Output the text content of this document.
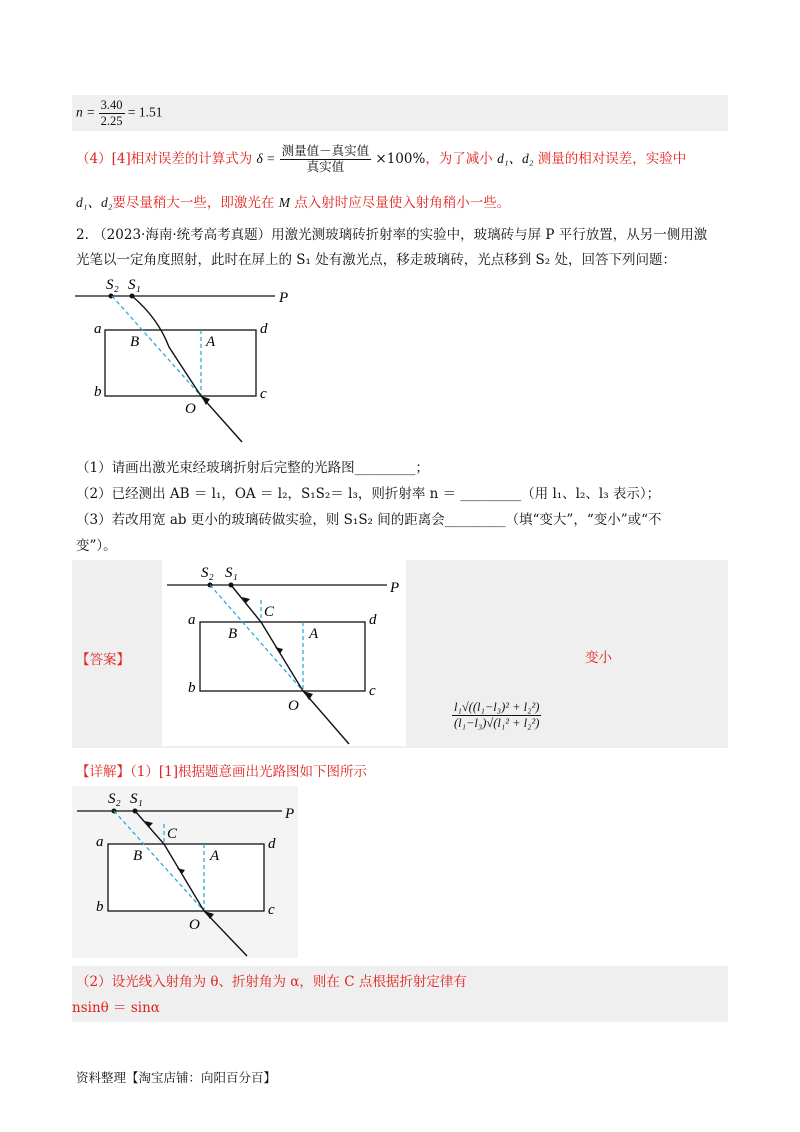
$n = \frac{3.40}{2.25} = 1.51$
（4）[4]相对误差的计算式为 $\delta = \frac{\text{测量值－真实值}}{\text{真实值}} \times 100\%$，为了减小 d₁、d₂ 测量的相对误差，实验中
d₁、d₂要尽量稍大一些，即激光在 M 点入射时应尽量使入射角稍小一些。
2. （2023·海南·统考高考真题）用激光测玻璃砖折射率的实验中，玻璃砖与屏 P 平行放置，从另一侧用激
光笔以一定角度照射，此时在屏上的 S₁ 处有激光点，移走玻璃砖，光点移到 S₂ 处，回答下列问题：
S₂ S₁
P
a	d
B	A
b	c
O
（1）请画出激光束经玻璃折射后完整的光路图_________；
（2）已经测出 AB ＝ l₁，OA ＝ l₂，S₁S₂＝ l₃，则折射率 n ＝ _________（用 l₁、l₂、l₃ 表示）；
（3）若改用宽 ab 更小的玻璃砖做实验，则 S₁S₂ 间的距离会_________（填“变大”，“变小”或“不
变”）。
【答案】
S₂ S₁
P
a	d
C
B	A
b	c
O
变小
$\frac{\text{l₁√((l₁−l₃)² + l₂²)}}{\text{(l₁−l₃)√(l₁² + l₂²)}}$
【详解】（1）[1]根据题意画出光路图如下图所示
S₂ S₁
P
a	d
C
B	A
b	c
O
（2）设光线入射角为 θ、折射角为 α，则在 C 点根据折射定律有
nsinθ ＝ sinα
资料整理【淘宝店铺：向阳百分百】
